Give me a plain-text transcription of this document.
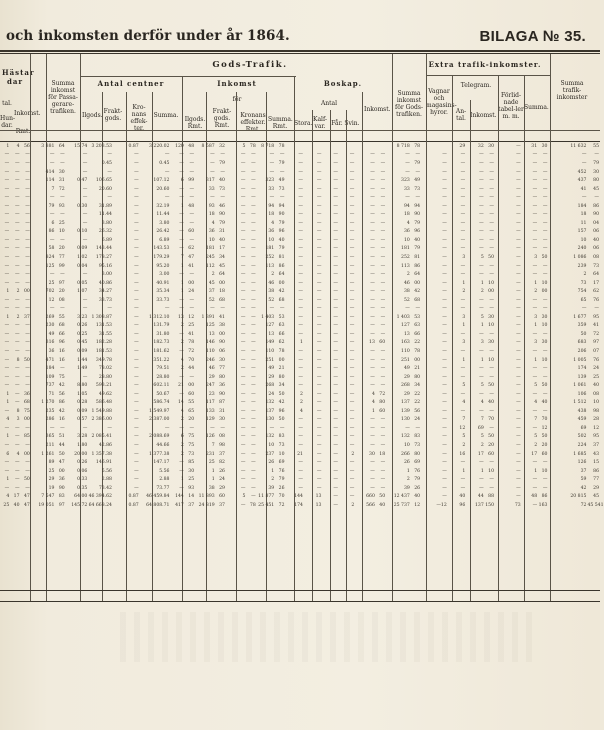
och inkomsten derför under år 1864.	BILAGA № 35.
Hästar dar
tal.
Inkomst.
Hun-dar.
Rmt.
Summa inkomst för Passa-gerare-trafiken.
Gods-Trafik.
Antal centner
Ilgods.
Frakt-gods.
Kro-nans effek-ter.
Summa.
Inkomst
för
Ilgods. Rmt.
Frakt-gods. Rmt.
Kronans effekter. Rmt.
Summa. Rmt.
Boskap.
Antal
Stora.
Kalf-var. Får. Svin.
Inkomst.
Summa inkomst för Gods-trafiken.
Extra trafik-inkomster.
Vagnar och magasins-hyror.
Telegram.
An-tal. Inkomst.
Förlid-nade tabel-ler m. m.
Summa.
Summa trafik-inkomster
1	4	56	3 881	64	15.74	3 203.53	0.87	3 220.02	120	48	8 587	32	5	78	8 718	78									8 718	78		29	32	30	—	31	30	11 632	55
—	—	—	—	—	—	—	—	—	—	—	—	—	—	—	—	—	—	—	—	—	—	—			—	—	—	—	—	—	—	—	—	—	—
—	—	—	—	—	—	0.45	—	0.45	—	—	—	79	—	—	—	79	—	—	—	—	—	—			—	79	—	—	—	—	—	—	—	—	79
—	—	—	414	30	—	—	—	—	—	—	—	—	—	—	—	—	—	—	—	—	—	—			—	—	—	—	—	—	—	—	—	452	30
—	—	—	114	31	0.47	106.65	—	107.12	6	99	317	40	—	—	323	49	—	—	—	—	—	—			323	49	—	—	—	—	—	—	—	437	80
—	—	—	7	72	—	20.60	—	20.60	—	—	33	73	—	—	33	73	—	—	—	—	—	—			33	73	—	—	—	—	—	—	—	41	45
—	—	—	—	—	—	—	—	—	—	—	—	—	—	—	—	—	—	—	—	—	—	—			—	—	—	—	—	—	—	—	—	—	—
—	—	—	79	93	0.30	31.89	—	32.19	1	48	93	46	—	—	94	94	—	—	—	—	—	—			94	94	—	—	—	—	—	—	—	184	86
—	—	—	—	—	—	11.44	—	11.44	—	—	18	90	—	—	18	90	—	—	—	—	—	—			18	90	—	—	—	—	—	—	—	18	90
—	—	—	6	25	—	3.80	—	3.80	—	—	4	79	—	—	4	79	—	—	—	—	—	—			4	79	—	—	—	—	—	—	—	11	04
—	—	—	86	10	0.10	26.32	—	26.42	—	60	36	31	—	—	36	96	—	—	—	—	—	—			36	96	—	—	—	—	—	—	—	157	06
—	—	—	—	—	—	6.89	—	6.89	—	—	10	40	—	—	10	40	—	—	—	—	—	—			10	40	—	—	—	—	—	—	—	10	40
—	—	—	58	20	0.09	143.44	—	143.53	—	62	181	17	—	—	181	79	—	—	—	—	—	—			181	79	—	—	—	—	—	—	—	240	06
—	—	—	824	77	1.02	178.27	—	179.29	7	47	245	34	—	—	252	81	—	—	—	—	—	—			252	81	—	3	5	50	—	3	50	1 086	08
—	—	—	125	99	0.04	95.16	—	95.20	1	41	112	45	—	—	113	86	—	—	—	—	—	—			113	86	—	—	—	—	—	—	—	239	73
—	—	—	—	—	—	3.00	—	3.00	—	—	2	64	—	—	2	64	—	—	—	—	—	—			2	64	—	—	—	—	—	—	—	2	64
—	—	—	25	97	0.05	40.86	—	40.91	1	00	45	00	—	—	46	00	—	—	—	—	—	—			46	00	—	1	1	10	—	1	10	73	17
1	2	00	702	20	1.07	34.27	—	35.34	1	24	37	18	—	—	38	42	—	—	—	—	—	—			38	42	—	2	2	00	—	2	00	754	62
—	—	—	12	08	—	33.73	—	33.73	—	—	52	68	—	—	52	68	—	—	—	—	—	—			52	68	—	—	—	—	—	—	—	65	76
—	—	—	—	—	—	—	—	—	—	—	—	—	—	—	—	—	—	—	—	—	—	—			—	—	—	—	—	—	—	—	—	—	—
1	2	37	269	55	3.23	1 308.87	—	1 312.10	13	12	1 391	41	—	—	1 403	53	—	—	—	—	—	—			1 403	53	—	3	5	30	—	3	30	1 677	95
—	—	—	230	68	0.26	131.53	—	131.79	2	25	125	38	—	—	127	63	—	—	—	—	—	—			127	63	—	1	1	10	—	1	10	359	41
—	—	—	49	66	0.25	31.55	—	31.80	—	41	13	00	—	—	13	66	—	—	—	—	—	—			13	66	—	—	—	—	—	—	—	50	72
—	—	—	316	96	0.45	182.28	—	182.73	2	78	146	90	—	—	149	62	1	—	—	—	13	60			163	22	—	3	3	30	—	3	30	683	97
—	—	—	36	16	0.09	181.53	—	181.62	—	72	110	06	—	—	110	78	—	—	—	—	—	—			110	78	—	—	—	—	—	—	—	206	07
—	8	50	471	16	1.44	349.78	—	351.22	4	70	246	30	—	—	251	00	—	—	—	—	—	—			251	00	—	1	1	10	—	1	10	1 005	76
—	—	—	184	—	1.49	78.02	—	79.51	2	44	46	77	—	—	49	21	—	—	—	—	—	—			49	21	—	—	—	—	—	—	—	174	24
—	—	—	109	75	—	28.80	—	28.80	—	—	29	80	—	—	29	80	—	—	—	—	—	—			29	80	—	—	—	—	—	—	—	139	25
—	—	—	737	42	8.80	593.21	—	602.11	21	00	247	36	—	—	268	34	—	—	—	—	—	—			268	34	—	5	5	50	—	5	50	1 061	40
1	—	36	71	56	1.05	49.62	—	50.67	—	60	23	90	—	—	24	50	2	—	—	—	4	72			29	22	—	—	—	—	—	—	—	106	08
1	—	68	1 270	86	0.28	586.48	—	586.74	14	55	117	87	—	—	132	42	2	—	—	—	4	80			137	22	—	4	4	40	—	4	40	1 512	10
—	8	75	235	42	0.09	1 549.88	—	1 549.97	4	65	133	31	—	—	137	96	4	—	—	—	1	60			139	56	—	—	—	—	—	—	—	438	98
4	3	00	286	16	0.57	2 386.00	—	2 387.00	2	20	129	30	—	—	130	50	—	—	—	—	—	—			130	24	—	7	7	70	—	7	70	459	28
—	—	—	—	—	—	—	—	—	—	—	—	—	—	—	—	—	—	—	—	—	—	—			—	—	—	12	69	—	—	—	12	69	12
1	—	85	365	51	3.28	2 085.41	—	2 088.69	6	75	126	08	—	—	132	83	—	—	—	—	—	—			132	83	—	5	5	50	—	5	50	502	95
—	—	—	211	44	1.80	42.86	—	44.66	2	75	7	98	—	—	10	73	—	—	—	—	—	—			10	73	—	2	2	20	—	2	20	224	37
6	4	00	1 261	50	20.00	1 357.38	—	1 377.38	2	73	231	37	—	—	237	10	21	—	—	2	30	18			266	80	—	16	17	60	—	17	60	1 685	43
—	—	—	89	47	0.26	146.91	—	147.17	—	85	25	82	—	—	26	69	—	—	—	—	—	—			26	69	—	—	—	—	—	—	—	126	15
—	—	—	25	00	0.06	5.56	—	5.56	—	30	1	26	—	—	1	76	—	—	—	—	—	—			1	76	—	1	1	10	—	1	10	37	86
1	—	50	29	36	0.33	2.88	—	2.88	1	25	1	24	—	—	2	79	—	—	—	—	—	—			2	79	—	—	—	—	—	—	—	59	77
—	—	—	19	90	0.35	73.42	—	73.77	—	93	38	29	—	—	39	26	—	—	—	—	—	—			39	26	—	—	—	—	—	—	—	42	29
4	17	47	7 547	83	64.00	46 394.62	0.87	46 459.84	144	14	11 893	60	5	—	11 877	70	144	13	—	—	660	50			12 437	40	—	40	44	88	—	48	86	20 815	45
25	40	47	19 051	97	145.72	64 668.24	0.87	64 808.71	417	37	24 819	37	—	78	25 451	72	174	13	—	2	566	40			25 737	12	—12	96	137	150	73	—	163	72	45 541
